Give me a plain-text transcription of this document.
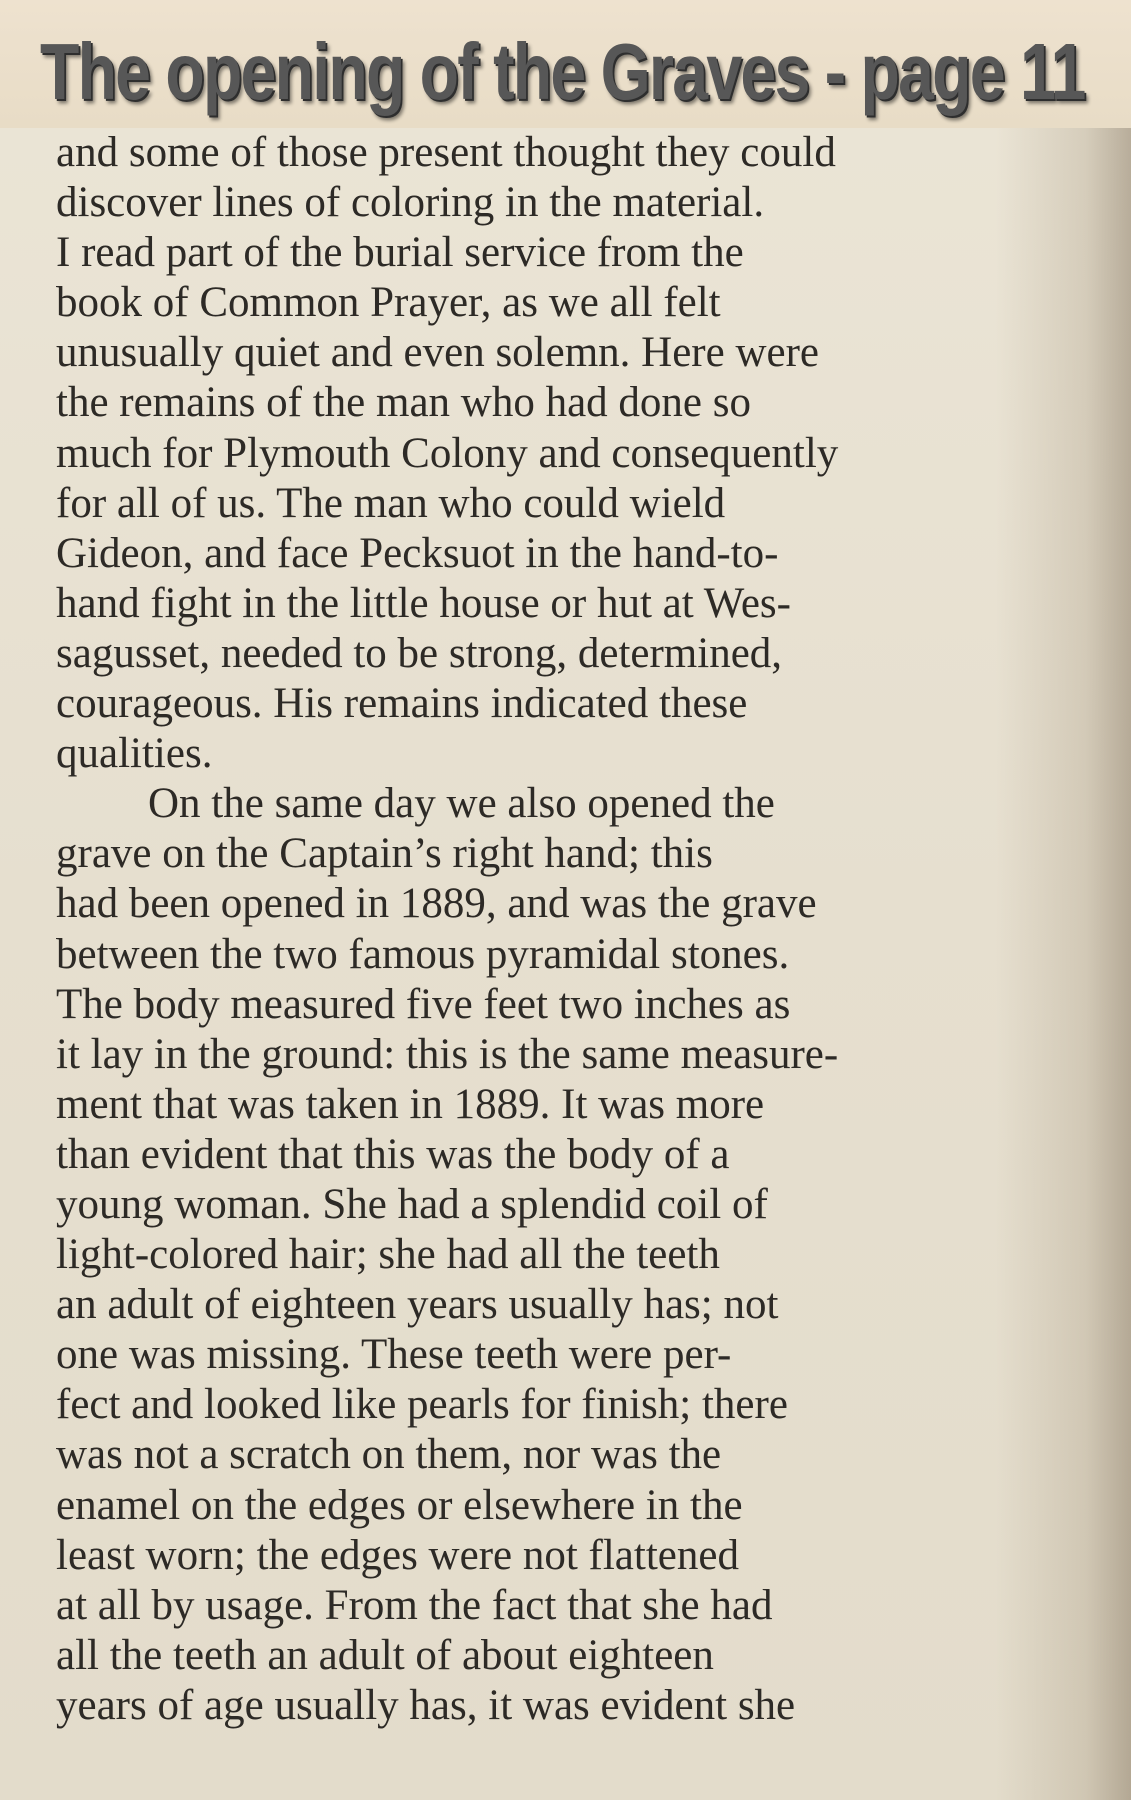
The opening of the Graves - page 11
and some of those present thought they could
discover lines of coloring in the material.
I read part of the burial service from the
book of Common Prayer, as we all felt
unusually quiet and even solemn. Here were
the remains of the man who had done so
much for Plymouth Colony and consequently
for all of us. The man who could wield
Gideon, and face Pecksuot in the hand-to-
hand fight in the little house or hut at Wes-
sagusset, needed to be strong, determined,
courageous. His remains indicated these
qualities.
On the same day we also opened the
grave on the Captain’s right hand; this
had been opened in 1889, and was the grave
between the two famous pyramidal stones.
The body measured five feet two inches as
it lay in the ground: this is the same measure-
ment that was taken in 1889. It was more
than evident that this was the body of a
young woman. She had a splendid coil of
light-colored hair; she had all the teeth
an adult of eighteen years usually has; not
one was missing. These teeth were per-
fect and looked like pearls for finish; there
was not a scratch on them, nor was the
enamel on the edges or elsewhere in the
least worn; the edges were not flattened
at all by usage. From the fact that she had
all the teeth an adult of about eighteen
years of age usually has, it was evident she
